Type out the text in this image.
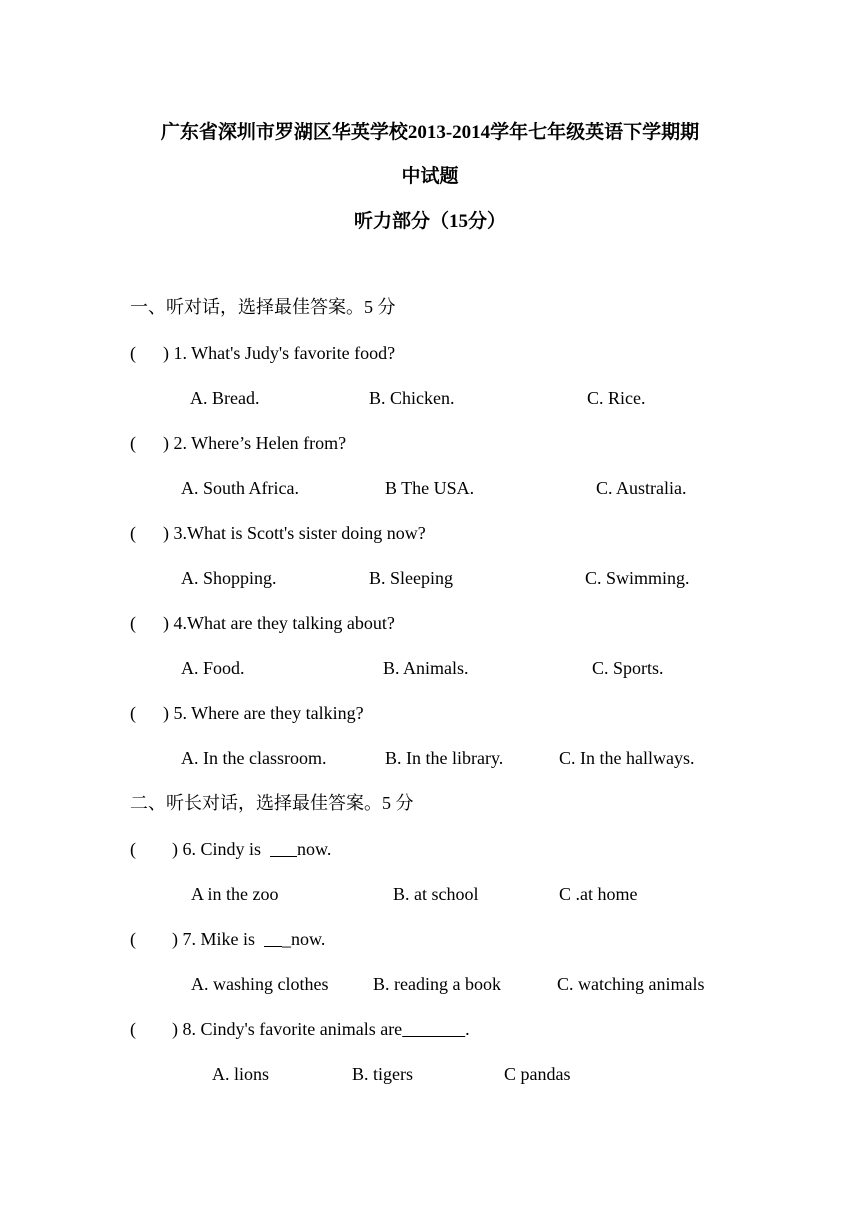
广东省深圳市罗湖区华英学校2013-2014学年七年级英语下学期期
中试题
听力部分（15分）
一、听对话，选择最佳答案。5 分
(      ) 1. What's Judy's favorite food?
A. Bread.	B. Chicken.	C. Rice.
(      ) 2. Where’s Helen from?
A. South Africa.	B The USA.	C. Australia.
(      ) 3.What is Scott's sister doing now?
A. Shopping.	B. Sleeping	C. Swimming.
(      ) 4.What are they talking about?
A. Food.	B. Animals.	C. Sports.
(      ) 5. Where are they talking?
A. In the classroom.	B. In the library.	C. In the hallways.
二、听长对话，选择最佳答案。5 分
(        ) 6. Cindy is        now.
A in the zoo	B. at school	C .at home
(        ) 7. Mike is      _now.
A. washing clothes B. reading a book	C. watching animals
(        ) 8. Cindy's favorite animals are	.
A. lions	B. tigers	C pandas
